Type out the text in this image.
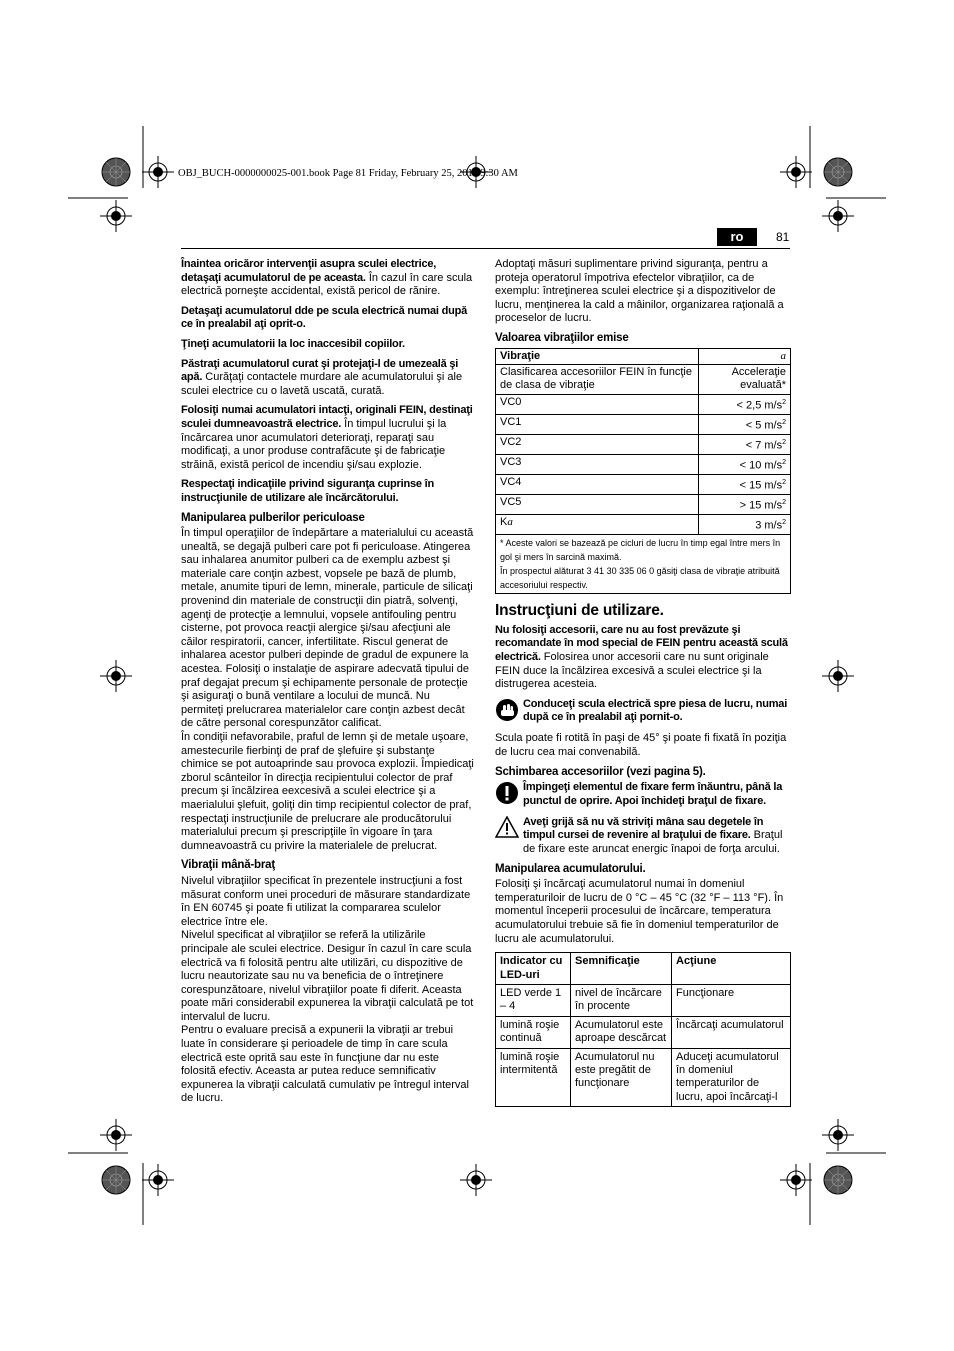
OBJ_BUCH-0000000025-001.book Page 81 Friday, February 25, 2011 9:30 AM
ro	81

Înaintea oricăror intervenţii asupra sculei electrice, detaşaţi acumulatorul de pe aceasta. În cazul în care scula electrică porneşte accidental, există pericol de rănire.

Detaşaţi acumulatorul dde pe scula electrică numai după ce în prealabil aţi oprit-o.

Ţineţi acumulatorii la loc inaccesibil copiilor.

Păstraţi acumulatorul curat şi protejaţi-l de umezeală şi apă. Curăţaţi contactele murdare ale acumulatorului şi ale sculei electrice cu o lavetă uscată, curată.

Folosiţi numai acumulatori intacţi, originali FEIN, destinaţi sculei dumneavoastră electrice. În timpul lucrului şi la încărcarea unor acumulatori deterioraţi, reparaţi sau modificaţi, a unor produse contrafăcute şi de fabricaţie străină, există pericol de incendiu şi/sau explozie.

Respectaţi indicaţiile privind siguranţa cuprinse în instrucţiunile de utilizare ale încărcătorului.

Manipularea pulberilor periculoase

În timpul operaţiilor de îndepărtare a materialului cu această unealtă, se degajă pulberi care pot fi periculoase. Atingerea sau inhalarea anumitor pulberi ca de exemplu azbest şi materiale care conţin azbest, vopsele pe bază de plumb, metale, anumite tipuri de lemn, minerale, particule de silicaţi provenind din materiale de construcţii din piatră, solvenţi, agenţi de protecţie a lemnului, vopsele antifouling pentru cisterne, pot provoca reacţii alergice şi/sau afecţiuni ale căilor respiratorii, cancer, infertilitate. Riscul generat de inhalarea acestor pulberi depinde de gradul de expunere la acestea. Folosiţi o instalaţie de aspirare adecvată tipului de praf degajat precum şi echipamente personale de protecţie şi asiguraţi o bună ventilare a locului de muncă. Nu permiteţi prelucrarea materialelor care conţin azbest decât de către personal corespunzător calificat.

În condiţii nefavorabile, praful de lemn şi de metale uşoare, amestecurile fierbinţi de praf de şlefuire şi substanţe chimice se pot autoaprinde sau provoca explozii. Împiedicaţi zborul scânteilor în direcţia recipientului colector de praf precum şi încălzirea eexcesivă a sculei electrice şi a maerialului şlefuit, goliţi din timp recipientul colector de praf, respectaţi instrucţiunile de prelucrare ale producătorului materialului precum şi prescripţiile în vigoare în ţara dumneavoastră cu privire la materialele de prelucrat.

Vibraţii mână-braţ

Nivelul vibraţiilor specificat în prezentele instrucţiuni a fost măsurat conform unei proceduri de măsurare standardizate în EN 60745 şi poate fi utilizat la compararea sculelor electrice între ele.

Nivelul specificat al vibraţiilor se referă la utilizările principale ale sculei electrice. Desigur în cazul în care scula electrică va fi folosită pentru alte utilizări, cu dispozitive de lucru neautorizate sau nu va beneficia de o întreţinere corespunzătoare, nivelul vibraţiilor poate fi diferit. Aceasta poate mări considerabil expunerea la vibraţii calculată pe tot intervalul de lucru.

Pentru o evaluare precisă a expunerii la vibraţii ar trebui luate în considerare şi perioadele de timp în care scula electrică este oprită sau este în funcţiune dar nu este folosită efectiv. Aceasta ar putea reduce semnificativ expunerea la vibraţii calculată cumulativ pe întregul interval de lucru.

Adoptaţi măsuri suplimentare privind siguranţa, pentru a proteja operatorul împotriva efectelor vibraţiilor, ca de exemplu: întreţinerea sculei electrice şi a dispozitivelor de lucru, menţinerea la cald a mâinilor, organizarea raţională a proceselor de lucru.

Valoarea vibraţiilor emise
Vibraţie	a
Clasificarea accesoriilor FEIN în funcţie de clasa de vibraţie	Acceleraţie evaluată*
VC0	< 2,5 $m/s^2$
VC1	< 5 $m/s^2$
VC2	< 7 $m/s^2$
VC3	< 10 $m/s^2$
VC4	< 15 $m/s^2$
VC5	> 15 $m/s^2$
Ka	3 $m/s^2$

* Aceste valori se bazează pe cicluri de lucru în timp egal între mers în gol şi mers în sarcină maximă.
În prospectul alăturat 3 41 30 335 06 0 găsiţi clasa de vibraţie atribuită accesoriului respectiv.	
Instrucţiuni de utilizare.

Nu folosiţi accesorii, care nu au fost prevăzute şi recomandate în mod special de FEIN pentru această sculă electrică. Folosirea unor accesorii care nu sunt originale FEIN duce la încălzirea excesivă a sculei electrice şi la distrugerea acesteia.

Conduceţi scula electrică spre piesa de lucru, numai după ce în prealabil aţi pornit-o.

Scula poate fi rotită în paşi de 45° şi poate fi fixată în poziţia de lucru cea mai convenabilă.

Schimbarea accesoriilor (vezi pagina 5).
Împingeţi elementul de fixare ferm înăuntru, până la punctul de oprire. Apoi închideţi braţul de fixare.
Aveţi grijă să nu vă striviţi mâna sau degetele în timpul cursei de revenire al braţului de fixare. Braţul de fixare este aruncat energic înapoi de forţa arcului.
Manipularea acumulatorului.

Folosiţi şi încărcaţi acumulatorul numai în domeniul temperaturiloir de lucru de 0 °C – 45 °C (32 °F – 113 °F). În momentul începerii procesului de încărcare, temperatura acumulatorului trebuie să fie în domeniul temperaturilor de lucru ale acumulatorului.

Indicator cu LED-uri	Semnificaţie	Acţiune
LED verde 1 – 4	nivel de încărcare în procente	Funcţionare
lumină roşie continuă	Acumulatorul este aproape descărcat	Încărcaţi acumulatorul
lumină roşie intermitentă	Acumulatorul nu este pregătit de funcţionare	Aduceţi acumulatorul în domeniul temperaturilor de lucru, apoi încărcaţi-l
